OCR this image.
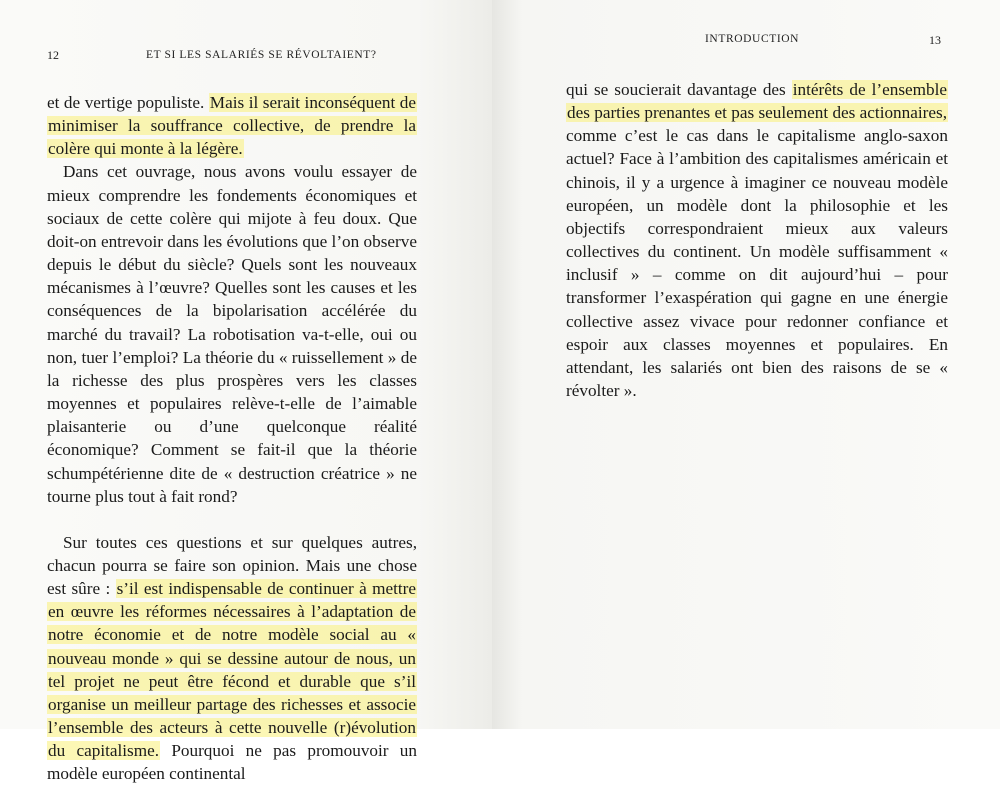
12	ET SI LES SALARIÉS SE RÉVOLTAIENT?

et de vertige populiste. Mais il serait inconséquent de minimiser la souffrance collective, de prendre la colère qui monte à la légère.

Dans cet ouvrage, nous avons voulu essayer de mieux comprendre les fondements économiques et sociaux de cette colère qui mijote à feu doux. Que doit-on entrevoir dans les évolutions que l’on observe depuis le début du siècle? Quels sont les nouveaux mécanismes à l’œuvre? Quelles sont les causes et les conséquences de la bipolarisation accélérée du marché du travail? La robotisation va-t-elle, oui ou non, tuer l’emploi? La théorie du « ruissellement » de la richesse des plus prospères vers les classes moyennes et populaires relève-t-elle de l’aimable plaisanterie ou d’une quelconque réalité économique? Comment se fait-il que la théorie schumpétérienne dite de « destruction créatrice » ne tourne plus tout à fait rond?

Sur toutes ces questions et sur quelques autres, chacun pourra se faire son opinion. Mais une chose est sûre : s’il est indispensable de continuer à mettre en œuvre les réformes nécessaires à l’adaptation de notre économie et de notre modèle social au « nouveau monde » qui se dessine autour de nous, un tel projet ne peut être fécond et durable que s’il organise un meilleur partage des richesses et associe l’ensemble des acteurs à cette nouvelle (r)évolution du capitalisme. Pourquoi ne pas promouvoir un modèle européen continental

INTRODUCTION	13

qui se soucierait davantage des intérêts de l’ensemble des parties prenantes et pas seulement des actionnaires, comme c’est le cas dans le capitalisme anglo-saxon actuel? Face à l’ambition des capitalismes américain et chinois, il y a urgence à imaginer ce nouveau modèle européen, un modèle dont la philosophie et les objectifs correspondraient mieux aux valeurs collectives du continent. Un modèle suffisamment « inclusif » – comme on dit aujourd’hui – pour transformer l’exaspération qui gagne en une énergie collective assez vivace pour redonner confiance et espoir aux classes moyennes et populaires. En attendant, les salariés ont bien des raisons de se « révolter ».
